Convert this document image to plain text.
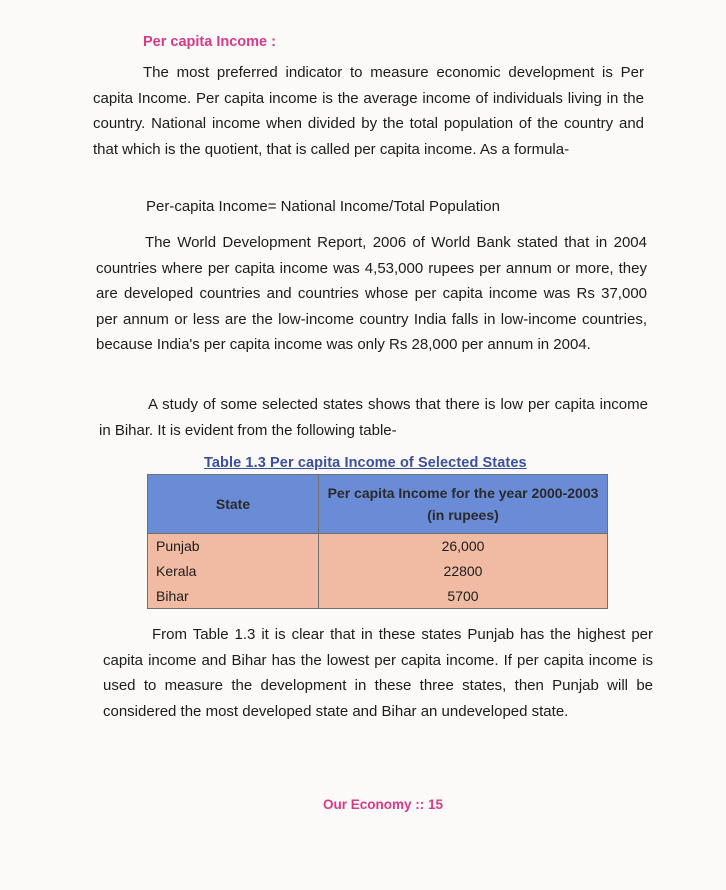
Per capita Income :

The most preferred indicator to measure economic development is Per capita Income. Per capita income is the average income of individuals living in the country. National income when divided by the total population of the country and that which is the quotient, that is called per capita income. As a formula-

Per-capita Income= National Income/Total Population

The World Development Report, 2006 of World Bank stated that in 2004 countries where per capita income was 4,53,000 rupees per annum or more, they are developed countries and countries whose per capita income was Rs 37,000 per annum or less are the low-income country India falls in low-income countries, because India's per capita income was only Rs 28,000 per annum in 2004.

A study of some selected states shows that there is low per capita income in Bihar. It is evident from the following table-

Table 1.3 Per capita Income of Selected States
State	Per capita Income for the year 2000-2003 (in rupees)
Punjab	26,000
Kerala	22800
Bihar	5700

From Table 1.3 it is clear that in these states Punjab has the highest per capita income and Bihar has the lowest per capita income. If per capita income is used to measure the development in these three states, then Punjab will be considered the most developed state and Bihar an undeveloped state.

Our Economy :: 15
